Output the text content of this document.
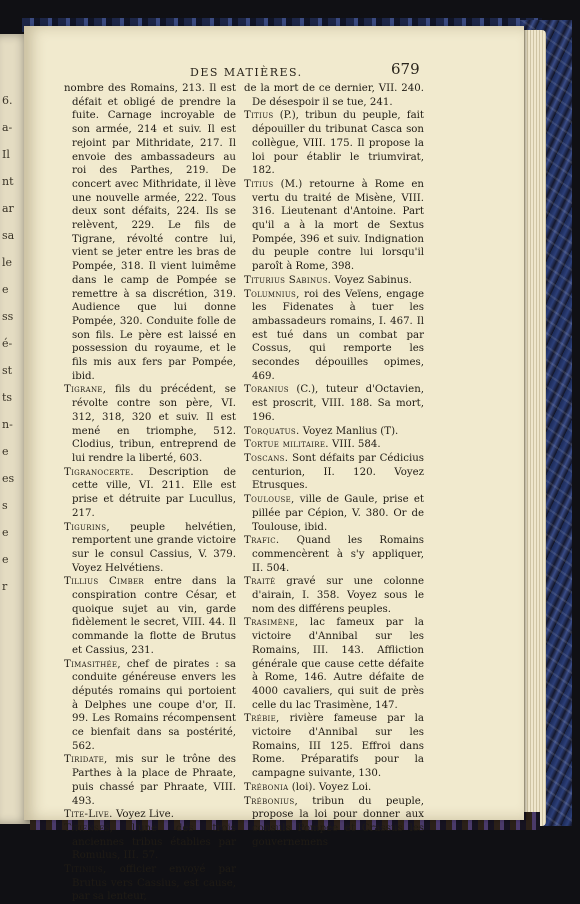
6.
a-
Il
nt
ar
sa
le
e
ss
é-
st
ts
n-
e
es
s
e
e
r
DES MATIÈRES.	679

nombre des Romains, 213. Il est défait et obligé de prendre la fuite. Carnage incroyable de son armée, 214 et suiv. Il est rejoint par Mithridate, 217. Il envoie des ambassadeurs au roi des Parthes, 219. De concert avec Mithridate, il lève une nouvelle armée, 222. Tous deux sont défaits, 224. Ils se relèvent, 229. Le fils de Tigrane, révolté contre lui, vient se jeter entre les bras de Pompée, 318. Il vient luimême dans le camp de Pompée se remettre à sa discrétion, 319. Audience que lui donne Pompée, 320. Conduite folle de son fils. Le père est laissé en possession du royaume, et le fils mis aux fers par Pompée, ibid.

Tigrane, fils du précédent, se révolte contre son père, VI. 312, 318, 320 et suiv. Il est mené en triomphe, 512. Clodius, tribun, entreprend de lui rendre la liberté, 603.

Tigranocerte. Description de cette ville, VI. 211. Elle est prise et détruite par Lucullus, 217.

Tigurins, peuple helvétien, remportent une grande victoire sur le consul Cassius, V. 379. Voyez Helvétiens.

Tillius Cimber entre dans la conspiration contre César, et quoique sujet au vin, garde fidèlement le secret, VIII. 44. Il commande la flotte de Brutus et Cassius, 231.

Timasithée, chef de pirates : sa conduite généreuse envers les députés romains qui portoient à Delphes une coupe d'or, II. 99. Les Romains récompensent ce bienfait dans sa postérité, 562.

Tiridate, mis sur le trône des Parthes à la place de Phraate, puis chassé par Phraate, VIII. 493.

Tite-Live. Voyez Live.

Titienses, l'une des trois anciennes tribus établies par Romulus, III. 57.

Titinius, officier envoyé par Brutus vers Cassius, est cause, par sa lenteur,

de la mort de ce dernier, VII. 240. De désespoir il se tue, 241.

Titius (P.), tribun du peuple, fait dépouiller du tribunat Casca son collègue, VIII. 175. Il propose la loi pour établir le triumvirat, 182.

Titius (M.) retourne à Rome en vertu du traité de Misène, VIII. 316. Lieutenant d'Antoine. Part qu'il a à la mort de Sextus Pompée, 396 et suiv. Indignation du peuple contre lui lorsqu'il paroît à Rome, 398.

Titurius Sabinus. Voyez Sabinus.

Tolumnius, roi des Veïens, engage les Fidenates à tuer les ambassadeurs romains, I. 467. Il est tué dans un combat par Cossus, qui remporte les secondes dépouilles opimes, 469.

Toranius (C.), tuteur d'Octavien, est proscrit, VIII. 188. Sa mort, 196.

Torquatus. Voyez Manlius (T).

Tortue militaire. VIII. 584.

Toscans. Sont défaits par Cédicius centurion, II. 120. Voyez Etrusques.

Toulouse, ville de Gaule, prise et pillée par Cépion, V. 380. Or de Toulouse, ibid.

Trafic. Quand les Romains commencèrent à s'y appliquer, II. 504.

Traité gravé sur une colonne d'airain, I. 358. Voyez sous le nom des différens peuples.

Trasimène, lac fameux par la victoire d'Annibal sur les Romains, III. 143. Affliction générale que cause cette défaite à Rome, 146. Autre défaite de 4000 cavaliers, qui suit de près celle du lac Trasimène, 147.

Trébie, rivière fameuse par la victoire d'Annibal sur les Romains, III 125. Effroi dans Rome. Préparatifs pour la campagne suivante, 130.

Trébonia (loi). Voyez Loi.

Trébonius, tribun du peuple, propose la loi pour donner aux consuls Pompée et Crassus les gouvernemens
